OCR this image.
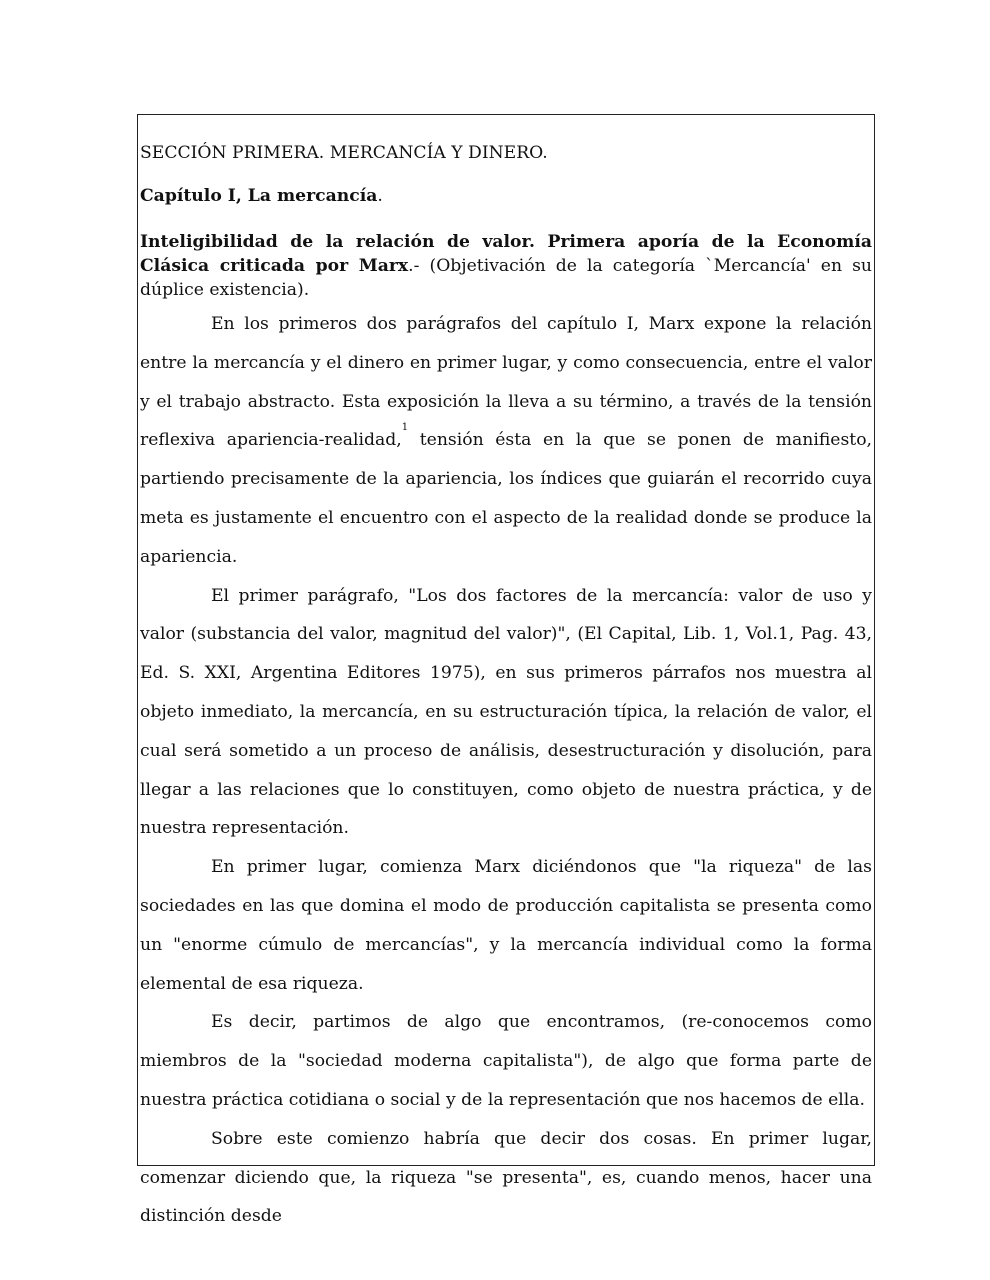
SECCIÓN PRIMERA. MERCANCÍA Y DINERO.

Capítulo I, La mercancía.

Inteligibilidad de la relación de valor. Primera aporía de la Economía Clásica criticada por Marx.- (Objetivación de la categoría `Mercancía' en su dúplice existencia).

En los primeros dos parágrafos del capítulo I, Marx expone la relación entre la mercancía y el dinero en primer lugar, y como consecuencia, entre el valor y el trabajo abstracto. Esta exposición la lleva a su término, a través de la tensión reflexiva apariencia-realidad,$^1$ tensión ésta en la que se ponen de manifiesto, partiendo precisamente de la apariencia, los índices que guiarán el recorrido cuya meta es justamente el encuentro con el aspecto de la realidad donde se produce la apariencia.

El primer parágrafo, "Los dos factores de la mercancía: valor de uso y valor (substancia del valor, magnitud del valor)", (El Capital, Lib. 1, Vol.1, Pag. 43, Ed. S. XXI, Argentina Editores 1975), en sus primeros párrafos nos muestra al objeto inmediato, la mercancía, en su estructuración típica, la relación de valor, el cual será sometido a un proceso de análisis, desestructuración y disolución, para llegar a las relaciones que lo constituyen, como objeto de nuestra práctica, y de nuestra representación.

En primer lugar, comienza Marx diciéndonos que "la riqueza" de las sociedades en las que domina el modo de producción capitalista se presenta como un "enorme cúmulo de mercancías", y la mercancía individual como la forma elemental de esa riqueza.

Es decir, partimos de algo que encontramos, (re-conocemos como miembros de la "sociedad moderna capitalista"), de algo que forma parte de nuestra práctica cotidiana o social y de la representación que nos hacemos de ella.

Sobre este comienzo habría que decir dos cosas. En primer lugar, comenzar diciendo que, la riqueza "se presenta", es, cuando menos, hacer una distinción desde
